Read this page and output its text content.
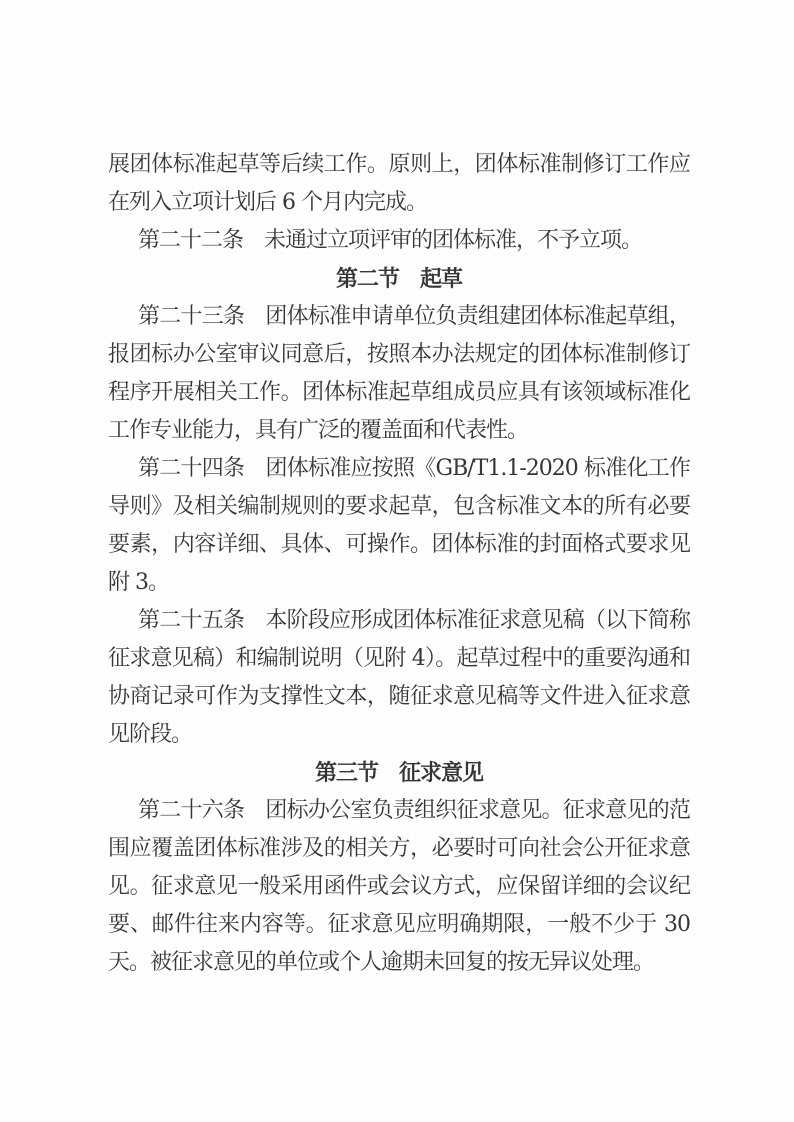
展团体标准起草等后续工作。原则上，团体标准制修订工作应在列入立项计划后 6 个月内完成。

第二十二条　未通过立项评审的团体标准，不予立项。

第二节　起草

第二十三条　团体标准申请单位负责组建团体标准起草组，报团标办公室审议同意后，按照本办法规定的团体标准制修订程序开展相关工作。团体标准起草组成员应具有该领域标准化工作专业能力，具有广泛的覆盖面和代表性。

第二十四条　团体标准应按照《GB/T1.1-2020 标准化工作导则》及相关编制规则的要求起草，包含标准文本的所有必要要素，内容详细、具体、可操作。团体标准的封面格式要求见附 3。

第二十五条　本阶段应形成团体标准征求意见稿（以下简称征求意见稿）和编制说明（见附 4）。起草过程中的重要沟通和协商记录可作为支撑性文本，随征求意见稿等文件进入征求意见阶段。

第三节　征求意见

第二十六条　团标办公室负责组织征求意见。征求意见的范围应覆盖团体标准涉及的相关方，必要时可向社会公开征求意见。征求意见一般采用函件或会议方式，应保留详细的会议纪要、邮件往来内容等。征求意见应明确期限，一般不少于 30 天。被征求意见的单位或个人逾期未回复的按无异议处理。
